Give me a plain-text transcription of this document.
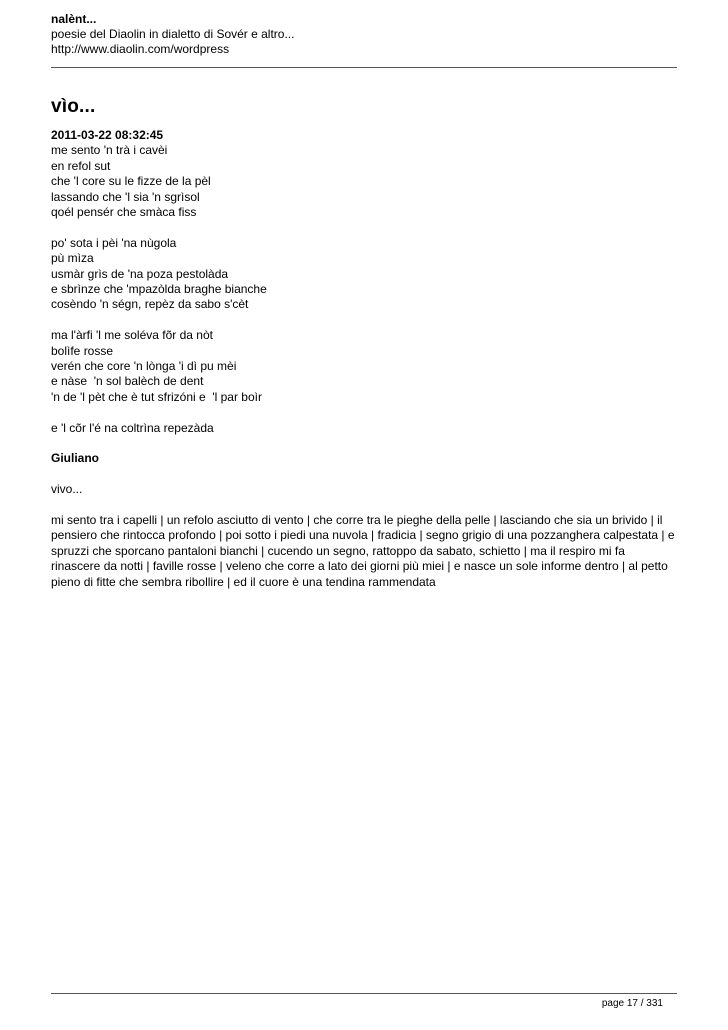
nalènt...
poesie del Diaolin in dialetto di Sovér e altro...
http://www.diaolin.com/wordpress
vìo...
2011-03-22 08:32:45
me sento 'n trà i cavèi
en refol sut
che 'l core su le fizze de la pèl
lassando che 'l sia 'n sgrìsol
qoél pensér che smàca fiss
po' sota i pèi 'na nùgola
pù mìza
usmàr grìs de 'na poza pestolàda
e sbrìnze che 'mpazòlda braghe bianche
cosèndo 'n ségn, repèz da sabo s'cèt
ma l'àrfi 'l me soléva fõr da nòt
bolìfe rosse
verén che core 'n lònga 'i dì pu mèi
e nàse  'n sol balèch de dent
'n de 'l pèt che è tut sfrizóni e  'l par boìr
e 'l cõr l'é na coltrìna repezàda
Giuliano
vivo...
mi sento tra i capelli | un refolo asciutto di vento | che corre tra le pieghe della pelle | lasciando che sia un brivido | il pensiero che rintocca profondo | poi sotto i piedi una nuvola | fradicia | segno grigio di una pozzanghera calpestata | e spruzzi che sporcano pantaloni bianchi | cucendo un segno, rattoppo da sabato, schietto | ma il respiro mi fa rinascere da notti | faville rosse | veleno che corre a lato dei giorni più miei | e nasce un sole informe dentro | al petto pieno di fitte che sembra ribollire | ed il cuore è una tendina rammendata
page 17 / 331
